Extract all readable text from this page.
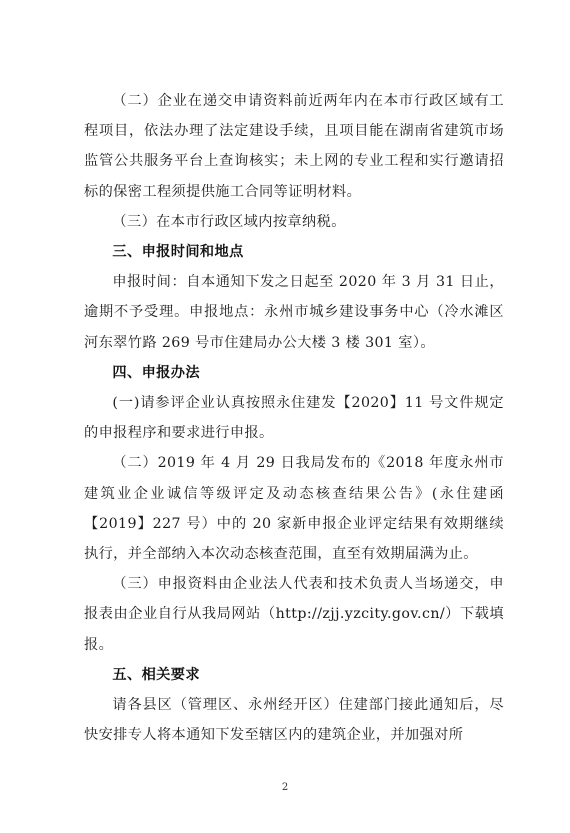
（二）企业在递交申请资料前近两年内在本市行政区域有工程项目，依法办理了法定建设手续，且项目能在湖南省建筑市场监管公共服务平台上查询核实；未上网的专业工程和实行邀请招标的保密工程须提供施工合同等证明材料。

（三）在本市行政区域内按章纳税。

三、申报时间和地点

申报时间：自本通知下发之日起至 2020 年 3 月 31 日止，逾期不予受理。申报地点：永州市城乡建设事务中心（冷水滩区河东翠竹路 269 号市住建局办公大楼 3 楼 301 室）。

四、申报办法

(一)请参评企业认真按照永住建发【2020】11 号文件规定的申报程序和要求进行申报。

（二）2019 年 4 月 29 日我局发布的《2018 年度永州市建筑业企业诚信等级评定及动态核查结果公告》(永住建函【2019】227 号）中的 20 家新申报企业评定结果有效期继续执行，并全部纳入本次动态核查范围，直至有效期届满为止。

（三）申报资料由企业法人代表和技术负责人当场递交，申报表由企业自行从我局网站（http://zjj.yzcity.gov.cn/）下载填报。

五、相关要求

请各县区（管理区、永州经开区）住建部门接此通知后，尽快安排专人将本通知下发至辖区内的建筑企业，并加强对所

2
